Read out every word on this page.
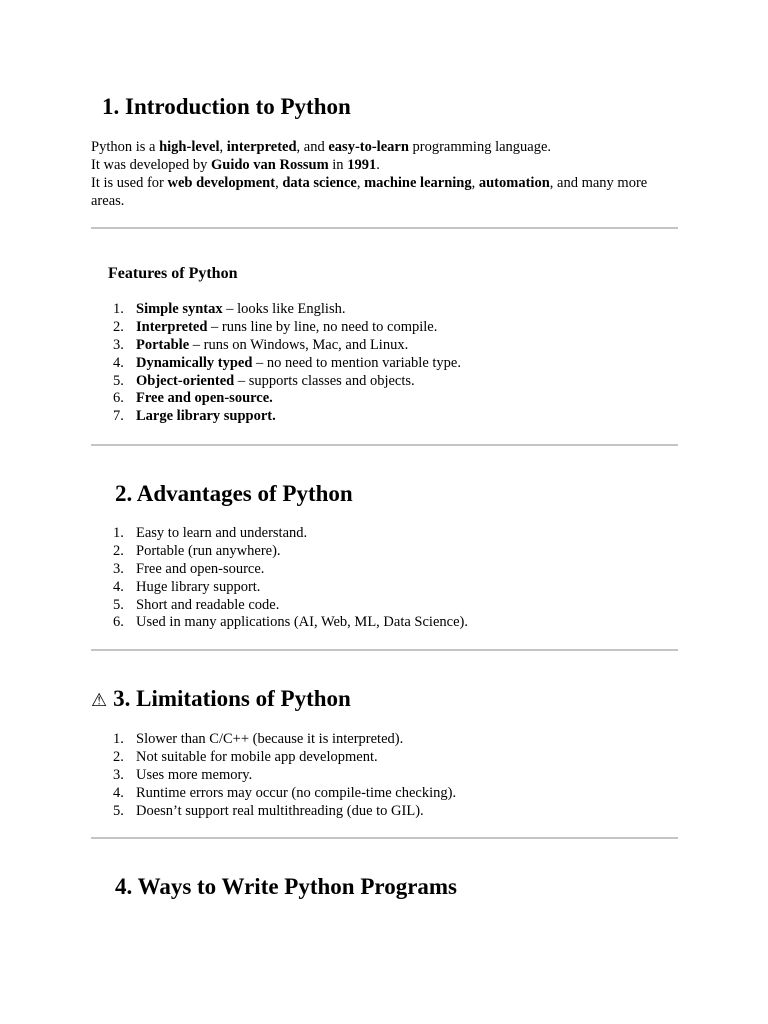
1. Introduction to Python

Python is a high-level, interpreted, and easy-to-learn programming language.

It was developed by Guido van Rossum in 1991.

It is used for web development, data science, machine learning, automation, and many more areas.

Features of Python
1. Simple syntax – looks like English.
2. Interpreted – runs line by line, no need to compile.
3. Portable – runs on Windows, Mac, and Linux.
4. Dynamically typed – no need to mention variable type.
5. Object-oriented – supports classes and objects.
6. Free and open-source.
7. Large library support.
2. Advantages of Python
1. Easy to learn and understand.
2. Portable (run anywhere).
3. Free and open-source.
4. Huge library support.
5. Short and readable code.
6. Used in many applications (AI, Web, ML, Data Science).
⚠ 3. Limitations of Python
1. Slower than C/C++ (because it is interpreted).
2. Not suitable for mobile app development.
3. Uses more memory.
4. Runtime errors may occur (no compile-time checking).
5. Doesn’t support real multithreading (due to GIL).
4. Ways to Write Python Programs
